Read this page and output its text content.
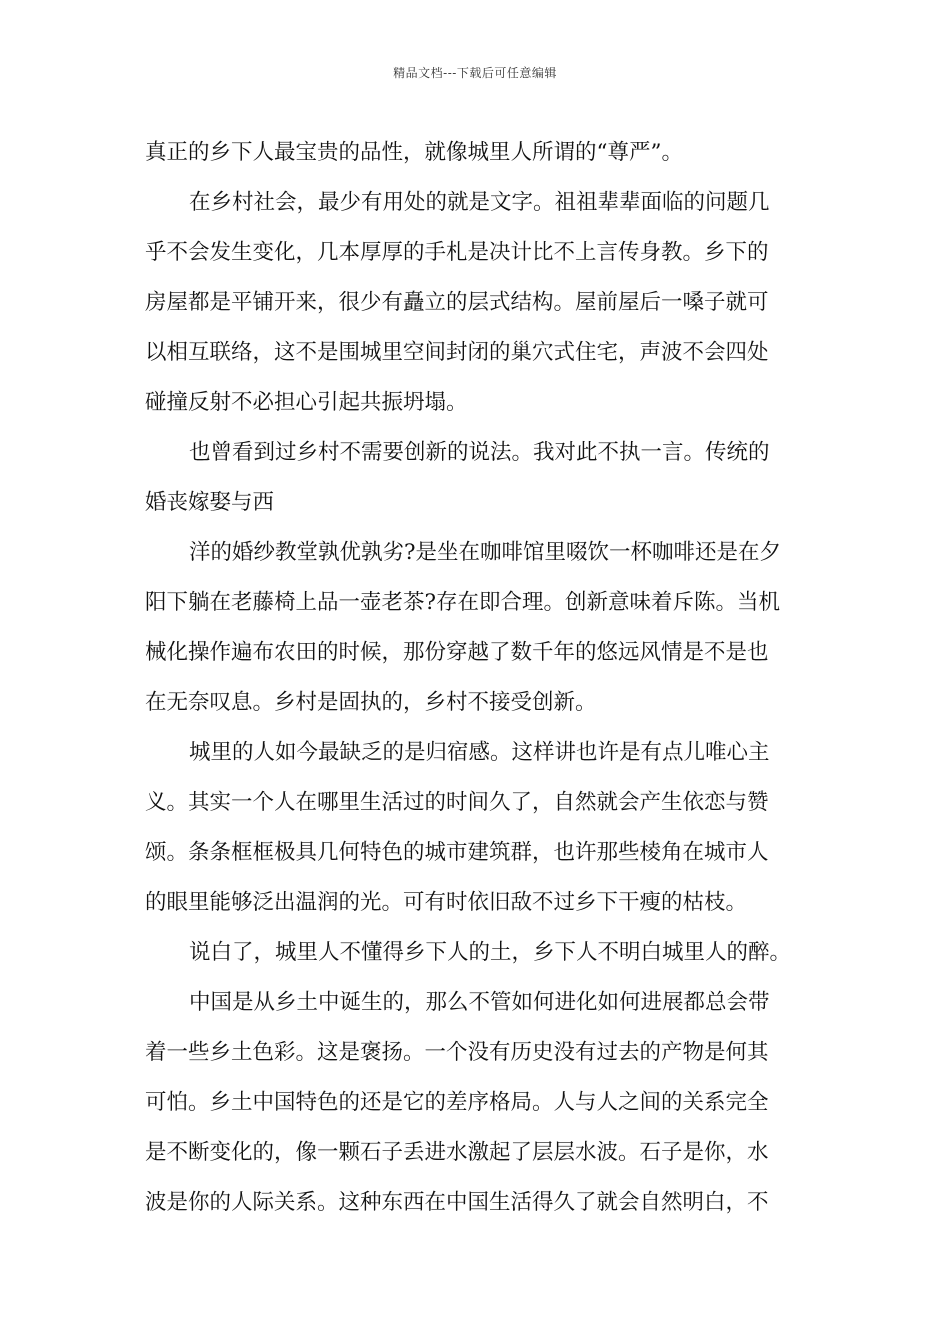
精品文档---下载后可任意编辑
真正的乡下人最宝贵的品性，就像城里人所谓的“尊严”。
在乡村社会，最少有用处的就是文字。祖祖辈辈面临的问题几
乎不会发生变化，几本厚厚的手札是决计比不上言传身教。乡下的
房屋都是平铺开来，很少有矗立的层式结构。屋前屋后一嗓子就可
以相互联络，这不是围城里空间封闭的巢穴式住宅，声波不会四处
碰撞反射不必担心引起共振坍塌。
也曾看到过乡村不需要创新的说法。我对此不执一言。传统的
婚丧嫁娶与西
洋的婚纱教堂孰优孰劣?是坐在咖啡馆里啜饮一杯咖啡还是在夕
阳下躺在老藤椅上品一壶老茶?存在即合理。创新意味着斥陈。当机
械化操作遍布农田的时候，那份穿越了数千年的悠远风情是不是也
在无奈叹息。乡村是固执的，乡村不接受创新。
城里的人如今最缺乏的是归宿感。这样讲也许是有点儿唯心主
义。其实一个人在哪里生活过的时间久了，自然就会产生依恋与赞
颂。条条框框极具几何特色的城市建筑群，也许那些棱角在城市人
的眼里能够泛出温润的光。可有时依旧敌不过乡下干瘦的枯枝。
说白了，城里人不懂得乡下人的土，乡下人不明白城里人的醉。
中国是从乡土中诞生的，那么不管如何进化如何进展都总会带
着一些乡土色彩。这是褒扬。一个没有历史没有过去的产物是何其
可怕。乡土中国特色的还是它的差序格局。人与人之间的关系完全
是不断变化的，像一颗石子丢进水激起了层层水波。石子是你，水
波是你的人际关系。这种东西在中国生活得久了就会自然明白，不
